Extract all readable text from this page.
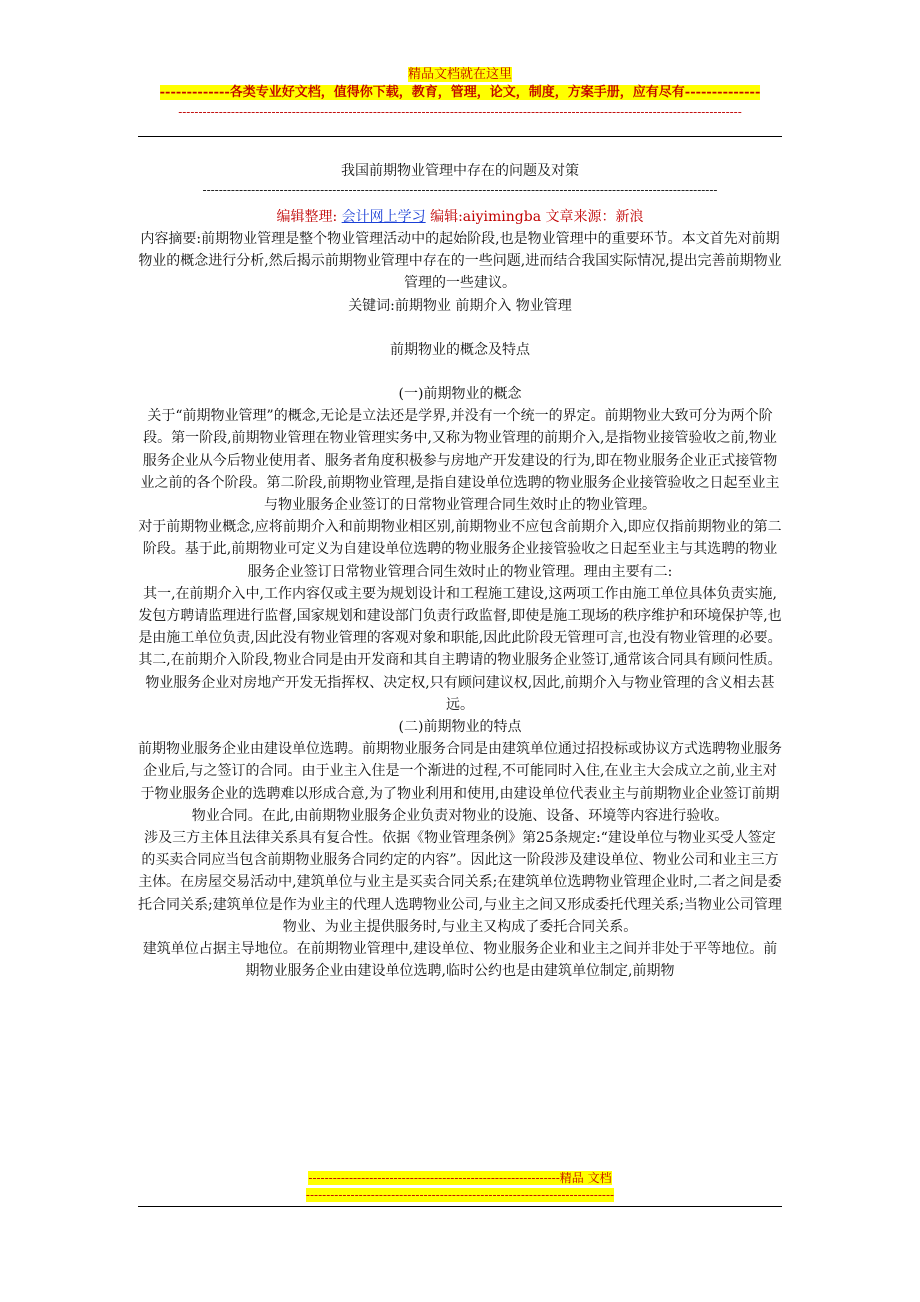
精品文档就在这里
-------------各类专业好文档，值得你下载，教育，管理，论文，制度，方案手册，应有尽有--------------
-------------------------------------------------------------------------------------------------------------------------------------------
我国前期物业管理中存在的问题及对策
-------------------------------------------------------------------------------------------------------------------------------
编辑整理: 会计网上学习 编辑:aiyimingba 文章来源：新浪

内容摘要:前期物业管理是整个物业管理活动中的起始阶段,也是物业管理中的重要环节。本文首先对前期物业的概念进行分析,然后揭示前期物业管理中存在的一些问题,进而结合我国实际情况,提出完善前期物业管理的一些建议。

关键词:前期物业 前期介入 物业管理

前期物业的概念及特点

(一)前期物业的概念

关于“前期物业管理”的概念,无论是立法还是学界,并没有一个统一的界定。前期物业大致可分为两个阶段。第一阶段,前期物业管理在物业管理实务中,又称为物业管理的前期介入,是指物业接管验收之前,物业服务企业从今后物业使用者、服务者角度积极参与房地产开发建设的行为,即在物业服务企业正式接管物业之前的各个阶段。第二阶段,前期物业管理,是指自建设单位选聘的物业服务企业接管验收之日起至业主与物业服务企业签订的日常物业管理合同生效时止的物业管理。

对于前期物业概念,应将前期介入和前期物业相区别,前期物业不应包含前期介入,即应仅指前期物业的第二阶段。基于此,前期物业可定义为自建设单位选聘的物业服务企业接管验收之日起至业主与其选聘的物业服务企业签订日常物业管理合同生效时止的物业管理。理由主要有二:

其一,在前期介入中,工作内容仅或主要为规划设计和工程施工建设,这两项工作由施工单位具体负责实施,发包方聘请监理进行监督,国家规划和建设部门负责行政监督,即使是施工现场的秩序维护和环境保护等,也是由施工单位负责,因此没有物业管理的客观对象和职能,因此此阶段无管理可言,也没有物业管理的必要。

其二,在前期介入阶段,物业合同是由开发商和其自主聘请的物业服务企业签订,通常该合同具有顾问性质。物业服务企业对房地产开发无指挥权、决定权,只有顾问建议权,因此,前期介入与物业管理的含义相去甚远。

(二)前期物业的特点

前期物业服务企业由建设单位选聘。前期物业服务合同是由建筑单位通过招投标或协议方式选聘物业服务企业后,与之签订的合同。由于业主入住是一个渐进的过程,不可能同时入住,在业主大会成立之前,业主对于物业服务企业的选聘难以形成合意,为了物业利用和使用,由建设单位代表业主与前期物业企业签订前期物业合同。在此,由前期物业服务企业负责对物业的设施、设备、环境等内容进行验收。

涉及三方主体且法律关系具有复合性。依据《物业管理条例》第25条规定:“建设单位与物业买受人签定的买卖合同应当包含前期物业服务合同约定的内容”。因此这一阶段涉及建设单位、物业公司和业主三方主体。在房屋交易活动中,建筑单位与业主是买卖合同关系;在建筑单位选聘物业管理企业时,二者之间是委托合同关系;建筑单位是作为业主的代理人选聘物业公司,与业主之间又形成委托代理关系;当物业公司管理物业、为业主提供服务时,与业主又构成了委托合同关系。

建筑单位占据主导地位。在前期物业管理中,建设单位、物业服务企业和业主之间并非处于平等地位。前期物业服务企业由建设单位选聘,临时公约也是由建筑单位制定,前期物

--------------------------------------------------------------精品 文档
----------------------------------------------------------------------------
